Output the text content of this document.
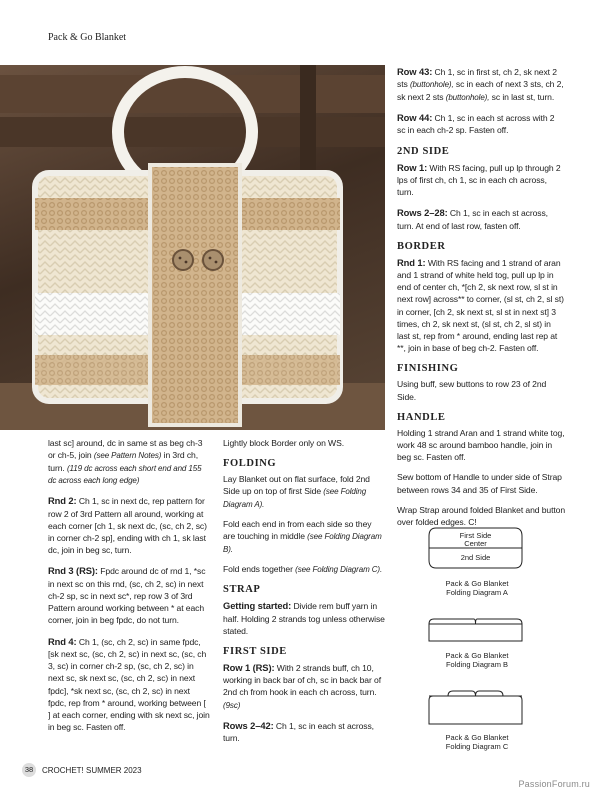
Pack & Go Blanket

last sc] around, dc in same st as beg ch-3 or ch-5, join (see Pattern Notes) in 3rd ch, turn. (119 dc across each short end and 155 dc across each long edge)

Rnd 2: Ch 1, sc in next dc, rep pattern for row 2 of 3rd Pattern all around, working at each corner [ch 1, sk next dc, (sc, ch 2, sc) in corner ch-2 sp], ending with ch 1, sk last dc, join in beg sc, turn.

Rnd 3 (RS): Fpdc around dc of rnd 1, *sc in next sc on this rnd, (sc, ch 2, sc) in next ch-2 sp, sc in next sc*, rep row 3 of 3rd Pattern around working between * at each corner, join in beg fpdc, do not turn.

Rnd 4: Ch 1, (sc, ch 2, sc) in same fpdc, [sk next sc, (sc, ch 2, sc) in next sc, (sc, ch 3, sc) in corner ch-2 sp, (sc, ch 2, sc) in next sc, sk next sc, (sc, ch 2, sc) in next fpdc], *sk next sc, (sc, ch 2, sc) in next fpdc, rep from * around, working between [ ] at each corner, ending with sk next sc, join in beg sc. Fasten off.

Lightly block Border only on WS.

FOLDING

Lay Blanket out on flat surface, fold 2nd Side up on top of first Side (see Folding Diagram A).

Fold each end in from each side so they are touching in middle (see Folding Diagram B).

Fold ends together (see Folding Diagram C).

STRAP

Getting started: Divide rem buff yarn in half. Holding 2 strands tog unless otherwise stated.

FIRST SIDE

Row 1 (RS): With 2 strands buff, ch 10, working in back bar of ch, sc in back bar of 2nd ch from hook in each ch across, turn. (9sc)

Rows 2–42: Ch 1, sc in each st across, turn.

Row 43: Ch 1, sc in first st, ch 2, sk next 2 sts (buttonhole), sc in each of next 3 sts, ch 2, sk next 2 sts (buttonhole), sc in last st, turn.

Row 44: Ch 1, sc in each st across with 2 sc in each ch-2 sp. Fasten off.

2ND SIDE

Row 1: With RS facing, pull up lp through 2 lps of first ch, ch 1, sc in each ch across, turn.

Rows 2–28: Ch 1, sc in each st across, turn. At end of last row, fasten off.

BORDER

Rnd 1: With RS facing and 1 strand of aran and 1 strand of white held tog, pull up lp in end of center ch, *[ch 2, sk next row, sl st in next row] across** to corner, (sl st, ch 2, sl st) in corner, [ch 2, sk next st, sl st in next st] 3 times, ch 2, sk next st, (sl st, ch 2, sl st) in last st, rep from * around, ending last rep at **, join in base of beg ch-2. Fasten off.

FINISHING

Using buff, sew buttons to row 23 of 2nd Side.

HANDLE

Holding 1 strand Aran and 1 strand white tog, work 48 sc around bamboo handle, join in beg sc. Fasten off.

Sew bottom of Handle to under side of Strap between rows 34 and 35 of First Side.

Wrap Strap around folded Blanket and button over folded edges. C!

First Side
Center
2nd Side
Pack & Go Blanket
Folding Diagram A
Pack & Go Blanket
Folding Diagram B
Pack & Go Blanket
Folding Diagram C
38	CROCHET! SUMMER 2023
PassionForum.ru
